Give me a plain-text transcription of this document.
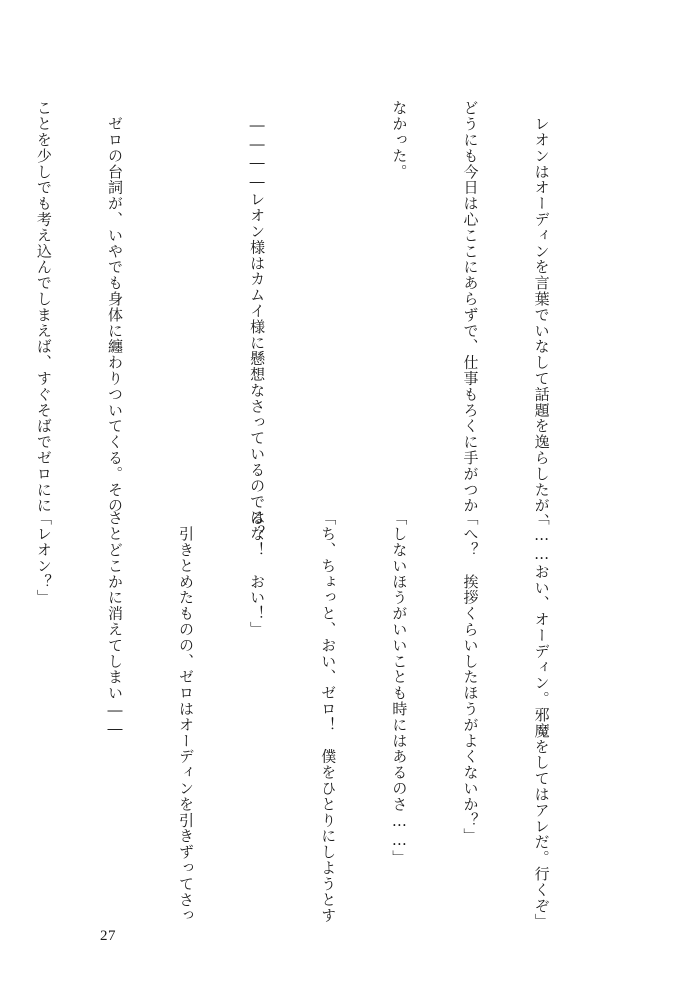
　レオンはオーディンを言葉でいなして話題を逸らしたが、

どうにも今日は心ここにあらずで、仕事もろくに手がつか

なかった。

　――――レオン様はカムイ様に懸想なさっているのでは？

　ゼロの台詞が、いやでも身体に纏わりついてくる。その

ことを少しでも考え込んでしまえば、すぐそばでゼロにに

「……おい、オーディン。邪魔をしてはアレだ。行くぞ」

「へ？　挨拶くらいしたほうがよくないか？」

「しないほうがいいことも時にはあるのさ……」

「ち、ちょっと、おい、ゼロ！　僕をひとりにしようとす

るな！　おい！」

　引きとめたものの、ゼロはオーディンを引きずってさっ

さとどこかに消えてしまい――

「レオン？」

27
